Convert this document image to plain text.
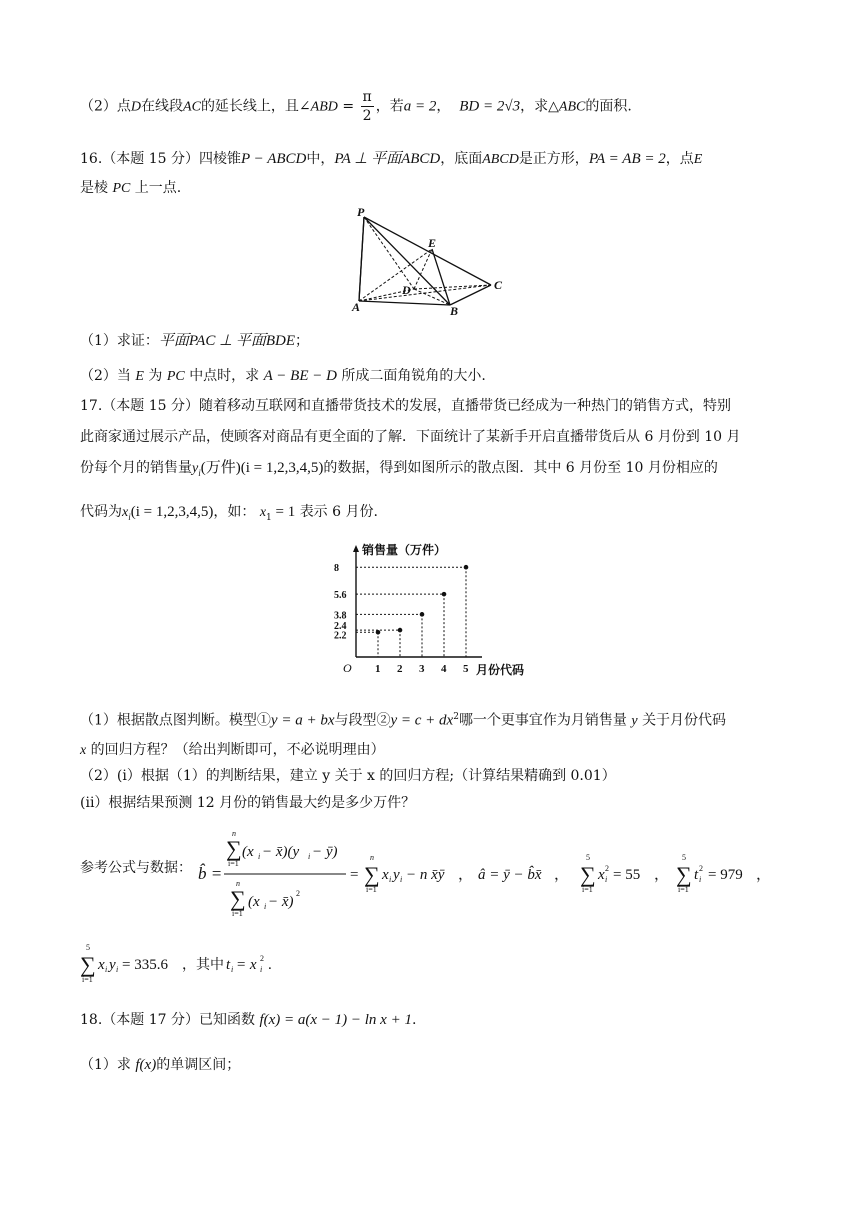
（2）点D在线段AC的延长线上，且∠ABD = $\frac{\pi}{2}$ ，若a = 2， BD = 2√3，求△ABC的面积.
16.（本题 15 分）四棱锥P − ABCD中，PA ⊥ 平面ABCD，底面ABCD是正方形，PA = AB = 2，点E
是棱 PC 上一点.
P
E
D	C
A	B
（1）求证：平面PAC ⊥ 平面BDE；
（2）当 E 为 PC 中点时，求 A − BE − D 所成二面角锐角的大小.
17.（本题 15 分）随着移动互联网和直播带货技术的发展，直播带货已经成为一种热门的销售方式，特别
此商家通过展示产品，使顾客对商品有更全面的了解．下面统计了某新手开启直播带货后从 6 月份到 10 月
份每个月的销售量$y_i$(万件)(i = 1,2,3,4,5)的数据，得到如图所示的散点图．其中 6 月份至 10 月份相应的
代码为$x_i(i = 1,2,3,4,5)$，如： $x_1 = 1$ 表示 6 月份.
销售量（万件）
月份代码
O 1
2.2
2
2.4
3
3.8
4
5.6
5
8
（1）根据散点图判断。模型①y = a + bx与段型②y = $c + dx^2$哪一个更事宜作为月销售量 y 关于月份代码
x 的回归方程？（给出判断即可，不必说明理由）
（2）(i）根据（1）的判断结果，建立 y 关于 x 的回归方程;（计算结果精确到 0.01）
(ii）根据结果预测 12 月份的销售最大约是多少万件？
参考公式与数据： b̂ =
n
∑
i=1
(x i − x̄)(y i − ȳ)
n
∑
i=1
(x i − x̄)
2
=
n
∑
i=1
x i y i − n x̄ȳ ， â = ȳ − b̂x̄ ，
5
∑
i=1
x i
2 = 55 ，
5
∑
i=1
t i
2 = 979 ，
5
∑
i=1
x i y i = 335.6 ，其中 t i = x i
2 .
18.（本题 17 分）已知函数 f(x) = a(x − 1) − ln x + 1.
（1）求 f(x)的单调区间；
